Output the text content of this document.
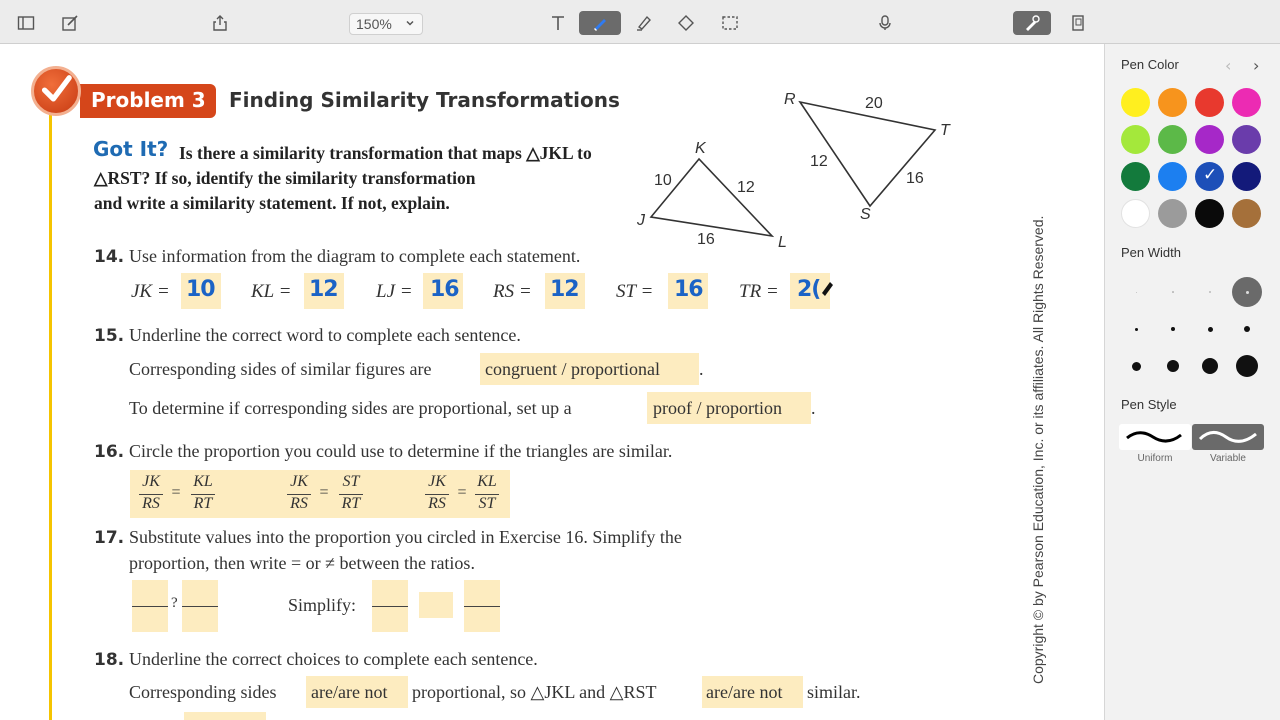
150%
Problem 3 Finding Similarity Transformations
Got It? Is there a similarity transformation that maps △JKL to
△RST? If so, identify the similarity transformation
and write a similarity statement. If not, explain.
K
J
L
10	12
16
R
T
S
20
12
16
14. Use information from the diagram to complete each statement.
JK = 10 KL = 12 LJ = 16 RS = 12 ST = 16 TR = 2(
15. Underline the correct word to complete each sentence.
Corresponding sides of similar figures are	congruent / proportional .
To determine if corresponding sides are proportional, set up a	proof / proportion .
16. Circle the proportion you could use to determine if the triangles are similar.
JK
RS
=
KL
RT
JK
RS
=
ST
RT
JK
RS
=
KL
ST
17. Substitute values into the proportion you circled in Exercise 16. Simplify the
proportion, then write = or ≠ between the ratios.
?	Simplify:
18. Underline the correct choices to complete each sentence.
Corresponding sides are/are not proportional, so △JKL and △RST	are/are not similar.
Copyright © by Pearson Education, Inc. or its affiliates. All Rights Reserved.
Pen Color	‹ ›
✓
Pen Width
Pen Style
Uniform	Variable
